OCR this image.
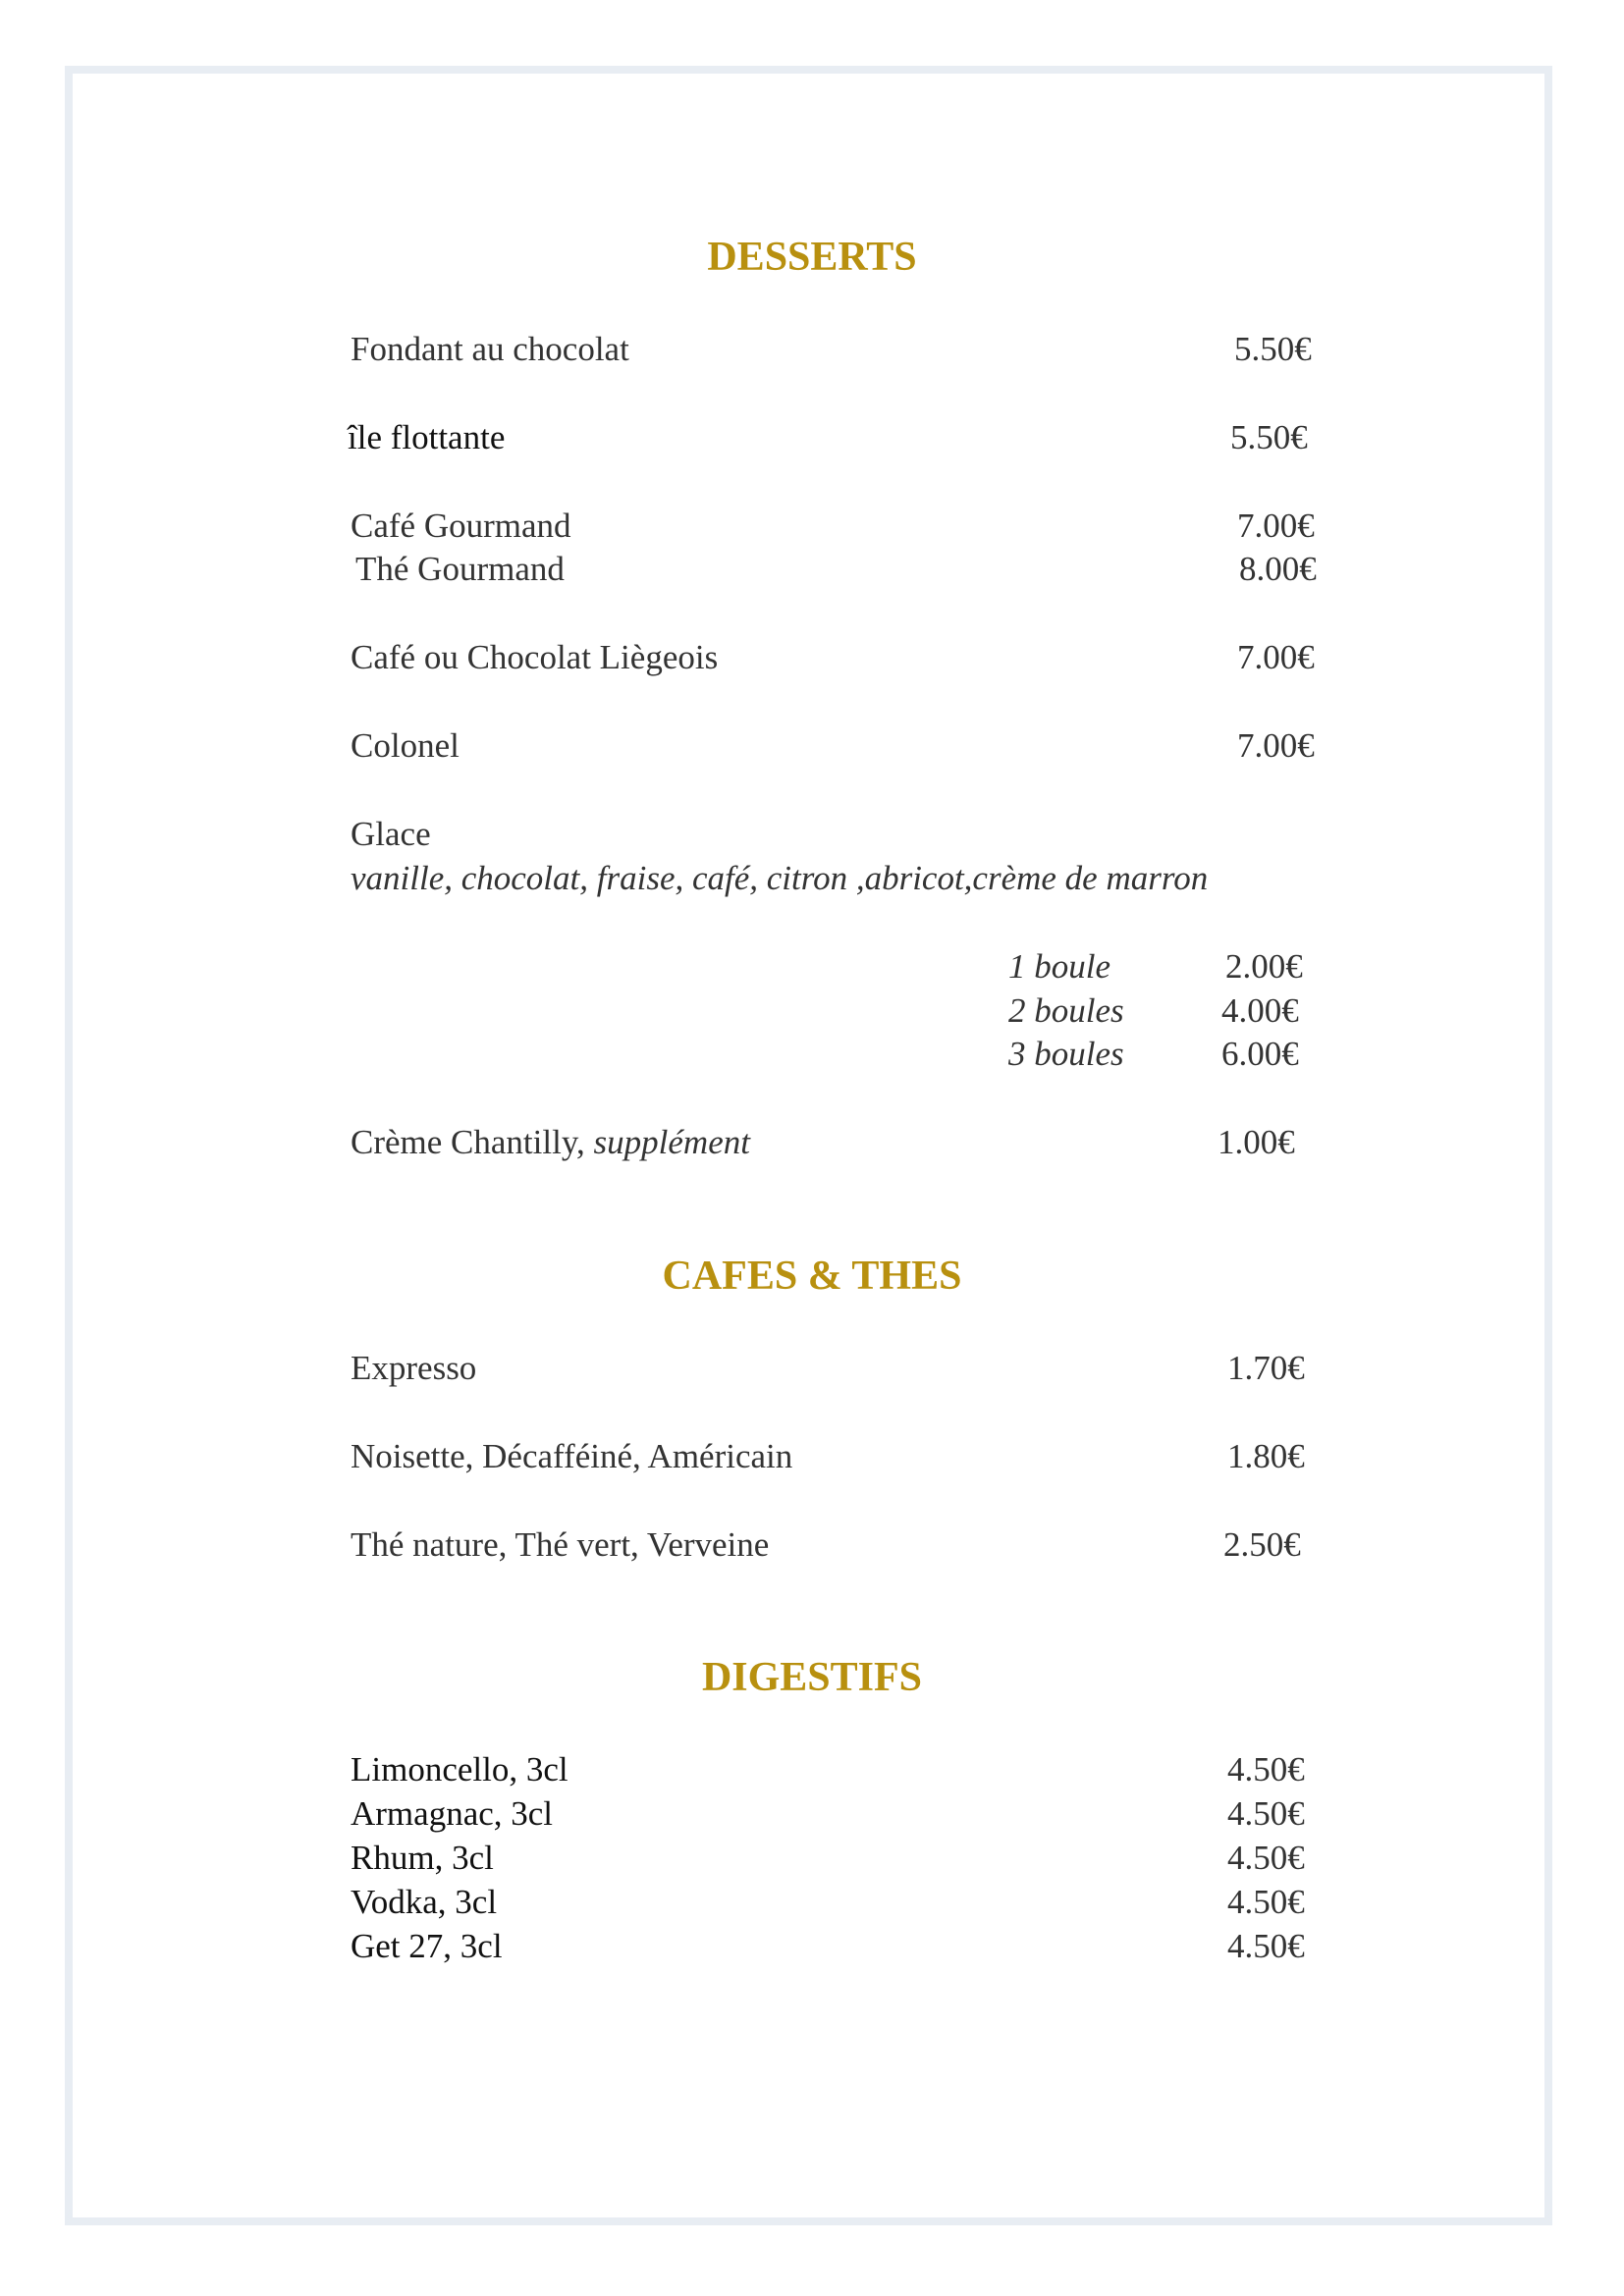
DESSERTS
Fondant au chocolat	5.50€
île flottante	5.50€
Café Gourmand	7.00€
Thé Gourmand	8.00€
Café ou Chocolat Liègeois	7.00€
Colonel	7.00€
Glace
vanille, chocolat, fraise, café, citron ,abricot,crème de marron
1 boule	2.00€
2 boules	4.00€
3 boules	6.00€
Crème Chantilly, supplément	1.00€
CAFES & THES
Expresso	1.70€
Noisette, Décafféiné, Américain	1.80€
Thé nature, Thé vert, Verveine	2.50€
DIGESTIFS
Limoncello, 3cl	4.50€
Armagnac, 3cl	4.50€
Rhum, 3cl	4.50€
Vodka, 3cl	4.50€
Get 27, 3cl	4.50€
